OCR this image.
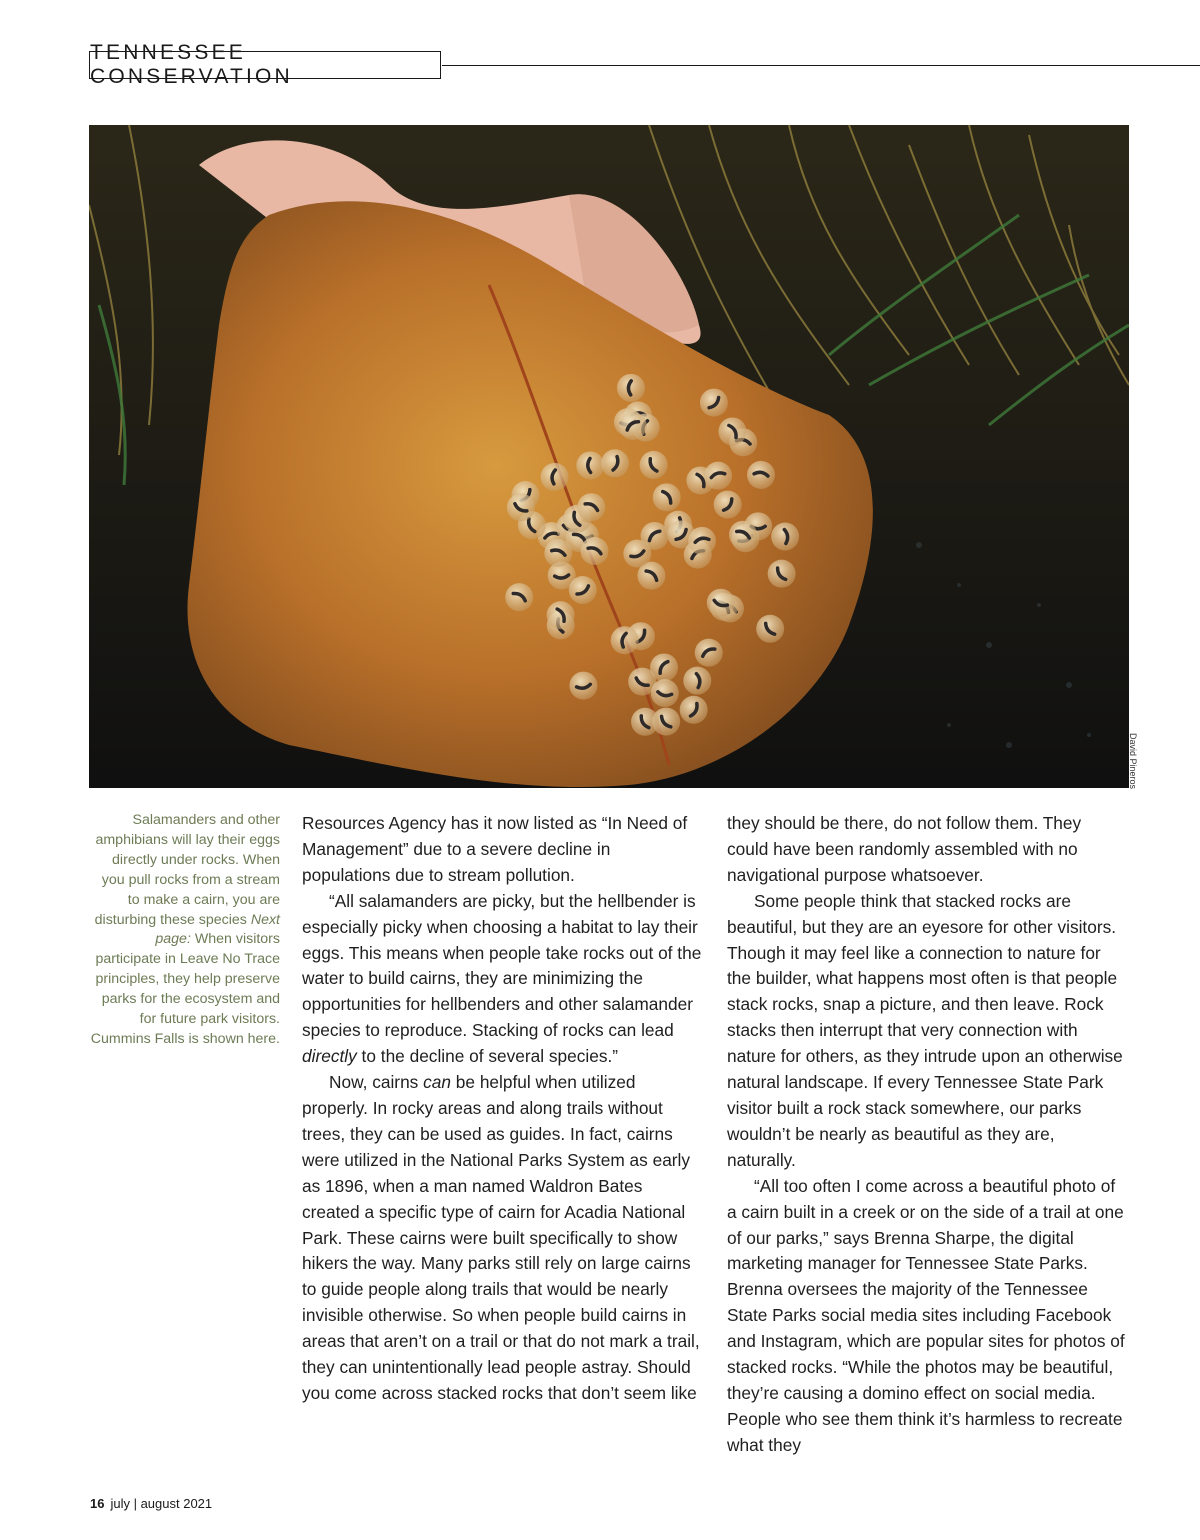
TENNESSEE CONSERVATION
David Pineros
Salamanders and other amphibians will lay their eggs directly under rocks. When you pull rocks from a stream to make a cairn, you are disturbing these species Next page: When visitors participate in Leave No Trace principles, they help preserve parks for the ecosystem and for future park visitors. Cummins Falls is shown here.

Resources Agency has it now listed as “In Need of Management” due to a severe decline in populations due to stream pollution.

“All salamanders are picky, but the hellbender is especially picky when choosing a habitat to lay their eggs. This means when people take rocks out of the water to build cairns, they are minimizing the opportunities for hellbenders and other salamander species to reproduce. Stacking of rocks can lead directly to the decline of several species.”

Now, cairns can be helpful when utilized properly. In rocky areas and along trails without trees, they can be used as guides. In fact, cairns were utilized in the National Parks System as early as 1896, when a man named Waldron Bates created a specific type of cairn for Acadia National Park. These cairns were built specifically to show hikers the way. Many parks still rely on large cairns to guide people along trails that would be nearly invisible otherwise. So when people build cairns in areas that aren’t on a trail or that do not mark a trail, they can unintentionally lead people astray. Should you come across stacked rocks that don’t seem like

they should be there, do not follow them. They could have been randomly assembled with no navigational purpose whatsoever.

Some people think that stacked rocks are beautiful, but they are an eyesore for other visitors. Though it may feel like a connection to nature for the builder, what happens most often is that people stack rocks, snap a picture, and then leave. Rock stacks then interrupt that very connection with nature for others, as they intrude upon an otherwise natural landscape. If every Tennessee State Park visitor built a rock stack somewhere, our parks wouldn’t be nearly as beautiful as they are, naturally.

“All too often I come across a beautiful photo of a cairn built in a creek or on the side of a trail at one of our parks,” says Brenna Sharpe, the digital marketing manager for Tennessee State Parks. Brenna oversees the majority of the Tennessee State Parks social media sites including Facebook and Instagram, which are popular sites for photos of stacked rocks. “While the photos may be beautiful, they’re causing a domino effect on social media. People who see them think it’s harmless to recreate what they

16 july | august 2021
